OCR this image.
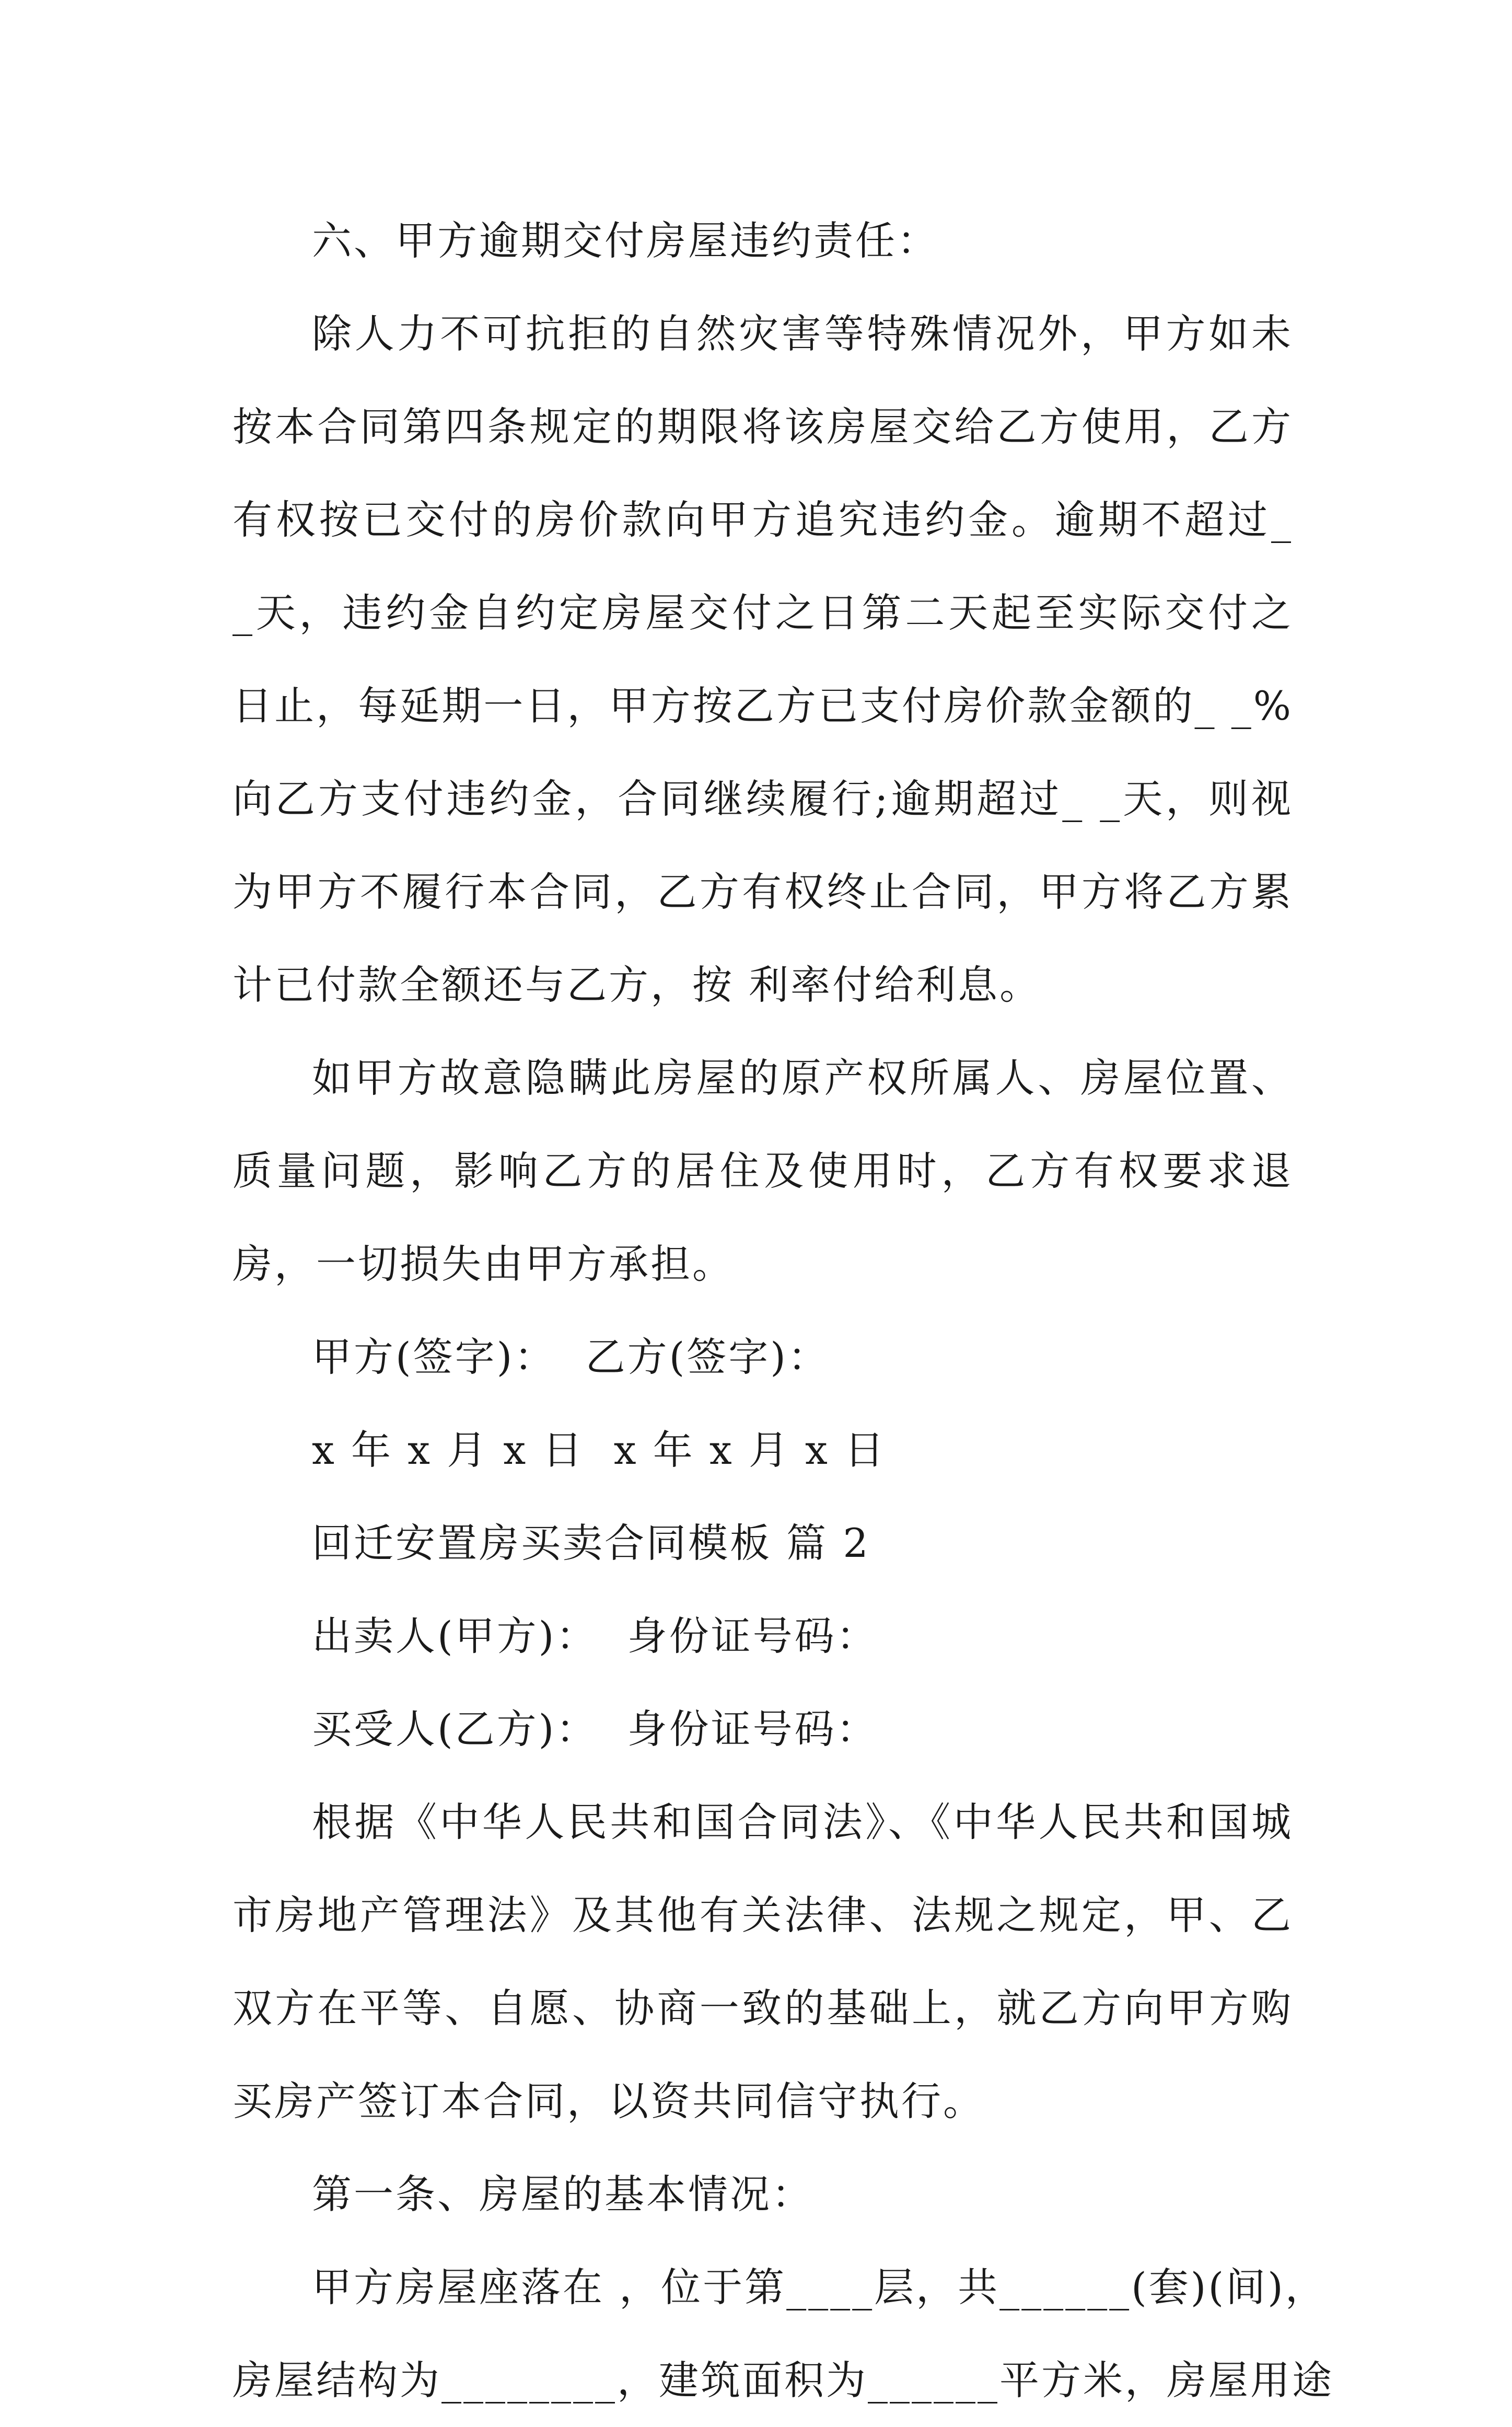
六、甲方逾期交付房屋违约责任：

除人力不可抗拒的自然灾害等特殊情况外，甲方如未按本合同第四条规定的期限将该房屋交给乙方使用，乙方有权按已交付的房价款向甲方追究违约金。逾期不超过_ _天，违约金自约定房屋交付之日第二天起至实际交付之日止，每延期一日，甲方按乙方已支付房价款金额的_ _%向乙方支付违约金，合同继续履行;逾期超过_ _天，则视为甲方不履行本合同，乙方有权终止合同，甲方将乙方累计已付款全额还与乙方，按 利率付给利息。

如甲方故意隐瞒此房屋的原产权所属人、房屋位置、质量问题，影响乙方的居住及使用时，乙方有权要求退房，一切损失由甲方承担。

甲方(签字)：  乙方(签字)：
x 年 x 月 x 日  x 年 x 月 x 日
回迁安置房买卖合同模板 篇 2
出卖人(甲方)：  身份证号码：
买受人(乙方)：  身份证号码：

根据《中华人民共和国合同法》、《中华人民共和国城市房地产管理法》及其他有关法律、法规之规定，甲、乙双方在平等、自愿、协商一致的基础上，就乙方向甲方购买房产签订本合同，以资共同信守执行。

第一条、房屋的基本情况：
甲方房屋座落在 ，位于第____层，共______(套)(间)，
房屋结构为________，建筑面积为______平方米，房屋用途
